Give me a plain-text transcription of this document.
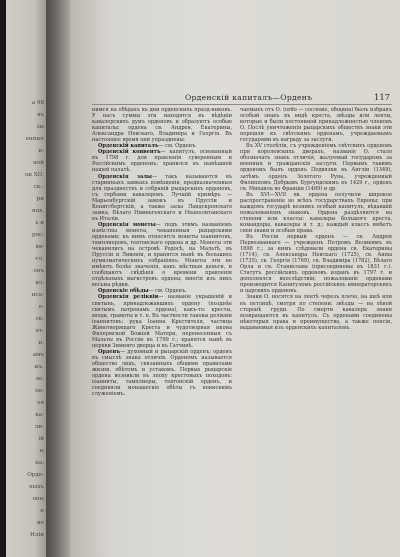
а 98
въ
зы
енных
и:
ной
ои XII,
ск.-
ри
нах.
ь и
рос-
яв-
-го,
онъ
вл.
иса-
е-
ск.
ет-
и,
амъ
ыъ,
ле.
ен-
ея
ка-
ли-
ій
ы
на.
Орде-
ныхъ
оны
н
ие
Иліи
Орденскій капиталъ—Орденъ	117

нимся на обѣдахъ въ дни орденскихъ празд-никовъ. У насъ суммы эти находятся въ вѣдѣніи кавалерскихъ думъ орденовъ и образуютъ особые капиталы: ордена св. Андрея, Екатерины, Александра Невскаго, Владиміра и Георгія. Въ настоящее время они упразднены.

Орденскій капиталъ— см. Орденъ.

Орденскій конвентъ— капитулъ, основанный въ 1798 г. для правленія суверенным и Россійскимъ орденомъ; хранился въ нынѣшней нашей палатѣ.

Орденскія залы— такъ называются въ старинныхъ замкахъ помѣщенія, предназначенныя для празднествъ и собраній рыцарскихъ орденовъ, съ гербами кавалеровъ. Лучшій примѣръ — Марьенбургскій замокъ въ Пруссіи и Кенигсбергскій, а также залы Ландскронскаго замка, Бѣлаго Нимвегенскаго и Неаполитанскаго въ Италіи.

Орденскія монеты— подъ этимъ названіемъ извѣстны монеты, чеканенныя рыцарскими орденами; къ нимъ относятся монеты іоаннитовъ, тамплиеровъ, тевтонскаго ордена и др. Монеты эти чеканились на островѣ Родосѣ, на Мальтѣ, въ Пруссіи и Ливоніи, и хранятся нынѣ въ большихъ нумизматическихъ собраніяхъ. Монеты эти не имѣютъ болѣе значенія, какъ мѣстныя деньги, и сообщаютъ свѣдѣнія о времени правленія отдѣльныхъ магистровъ ордена; многія изъ нихъ весьма рѣдки.

Орденскіе обѣды— см. Орденъ.

Орденскія реліквіи— названіе украшеній и святынь, принадлежавшихъ ордену (позднѣе святымъ патронамъ ордена), какъ-то: кресты, мощи, грамоты и т. п. Въ частности таковы реліквіи іоаннитовъ: рука Іоанна Крестителя, частица Животворящаго Креста и чудотворная икона Филермской Божіей Матери, перенесенныя съ Мальты въ Россію въ 1799 г.; хранятся нынѣ въ церкви Зимняго дворца и въ Гатчинѣ.

Орденъ— духовный и рыцарскій орденъ; орденъ въ смыслѣ знака отличія. Орденомъ называется общество лицъ, связанныхъ общими правилами жизни, обѣтомъ и уставомъ. Первые рыцарскіе ордена возникли въ эпоху крестовыхъ походовъ: іоанниты, тамплиеры, тевтонскій орденъ, и соединяли монашескіе обѣты съ воинскимъ служеніемъ.

чаемыхъ отъ О. (ordo — сословіе, община) былъ избранъ особый знакъ въ видѣ креста, звѣзды или ленты, которые и были постоянной принадлежностью членовъ О. Послѣ уничтоженія рыцарскихъ обществъ знаки эти перешли къ свѣтскимъ орденамъ, учреждаемымъ государями въ награду за заслуги.

Въ XV столѣтіи, съ учрежденіемъ свѣтскихъ орденовъ при королевскихъ дворахъ, названіе О. стало обозначать знакъ отличія, жалуемый государемъ за военныя и гражданскія заслуги. Первымъ такимъ орденомъ былъ орденъ Подвязки въ Англіи (1349), затѣмъ орденъ Золотого Руна, учрежденный Филиппомъ Добрымъ Бургундскимъ въ 1429 г., орденъ св. Михаила во Франціи (1469) и др.

Въ XVI—XVII вв. ордена получили широкое распространеніе во всѣхъ государствахъ Европы; при каждомъ государѣ возникъ особый капитулъ, вѣдавшій пожалованіемъ знаковъ. Ордена раздѣляются на степени или классы: кавалеры большого креста, командоры, кавалеры и т. д.; каждый классъ имѣетъ свои знаки и особыя права.

Въ Россіи первый орденъ — св. Андрея Первозваннаго — учрежденъ Петромъ Великимъ въ 1698 г.; за нимъ слѣдовали ордена св. Екатерины (1714), св. Александра Невскаго (1725), св. Анны (1735), св. Георгія (1769), св. Владиміра (1782), Бѣлаго Орла и св. Станислава (присоединены въ 1831 г.). Статутъ россійскихъ орденовъ изданъ въ 1797 г. и дополнялся впослѣдствіи; пожалованіе орденами производится Капитуломъ россійскихъ императорскихъ и царскихъ орденовъ.

Знаки О. носятся на лентѣ черезъ плечо, на шеѣ или въ петлицѣ, смотря по степени; звѣзды — на лѣвой сторонѣ груди. По смерти кавалера знаки возвращаются въ капитулъ. Съ орденами соединены нѣкоторыя права и преимущества, а также пенсіи, выдаваемыя изъ орденскихъ капиталовъ.
